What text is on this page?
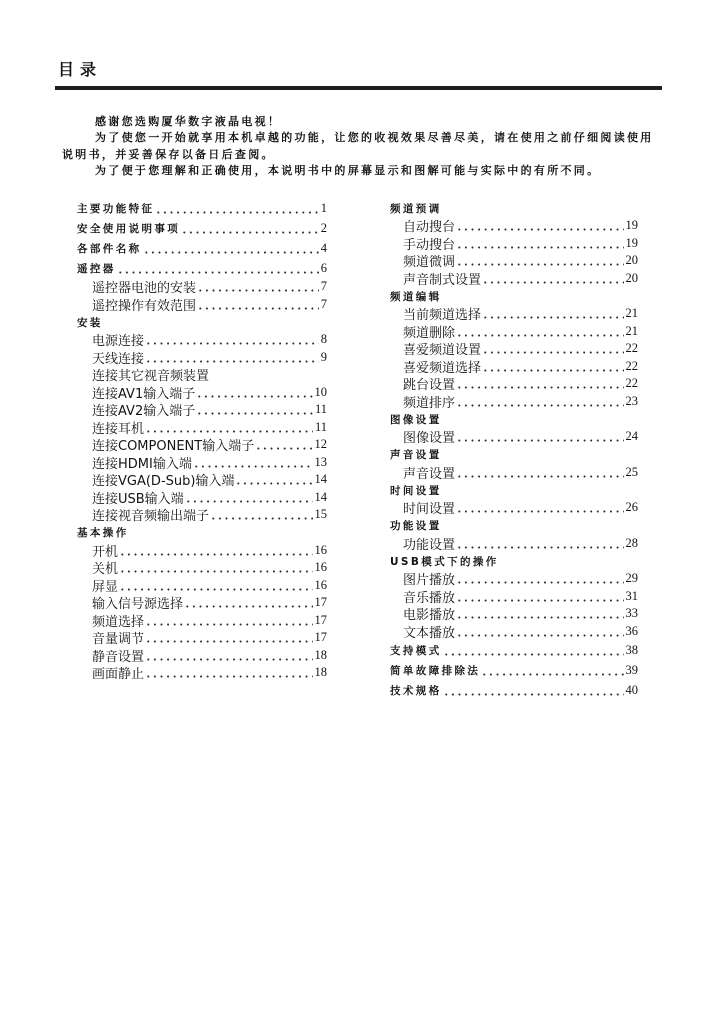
目录

感谢您选购厦华数字液晶电视！

为了使您一开始就享用本机卓越的功能，让您的收视效果尽善尽美，请在使用之前仔细阅读使用说明书，并妥善保存以备日后查阅。

为了便于您理解和正确使用，本说明书中的屏幕显示和图解可能与实际中的有所不同。

主要功能特征	1
安全使用说明事项	2
各部件名称	4
遥控器	6
遥控器电池的安装	7
遥控操作有效范围	7
安装
电源连接	8
天线连接	9
连接其它视音频装置
连接AV1输入端子	10
连接AV2输入端子	11
连接耳机	11
连接COMPONENT输入端子	12
连接HDMI输入端	13
连接VGA(D-Sub)输入端	14
连接USB输入端	14
连接视音频输出端子	15
基本操作
开机	16
关机	16
屏显	16
输入信号源选择	17
频道选择	17
音量调节	17
静音设置	18
画面静止	18
频道预调
自动搜台	19
手动搜台	19
频道微调	20
声音制式设置	20
频道编辑
当前频道选择	21
频道删除	21
喜爱频道设置	22
喜爱频道选择	22
跳台设置	22
频道排序	23
图像设置
图像设置	24
声音设置
声音设置	25
时间设置
时间设置	26
功能设置
功能设置	28
USB模式下的操作
图片播放	29
音乐播放	31
电影播放	33
文本播放	36
支持模式	38
简单故障排除法	39
技术规格	40
